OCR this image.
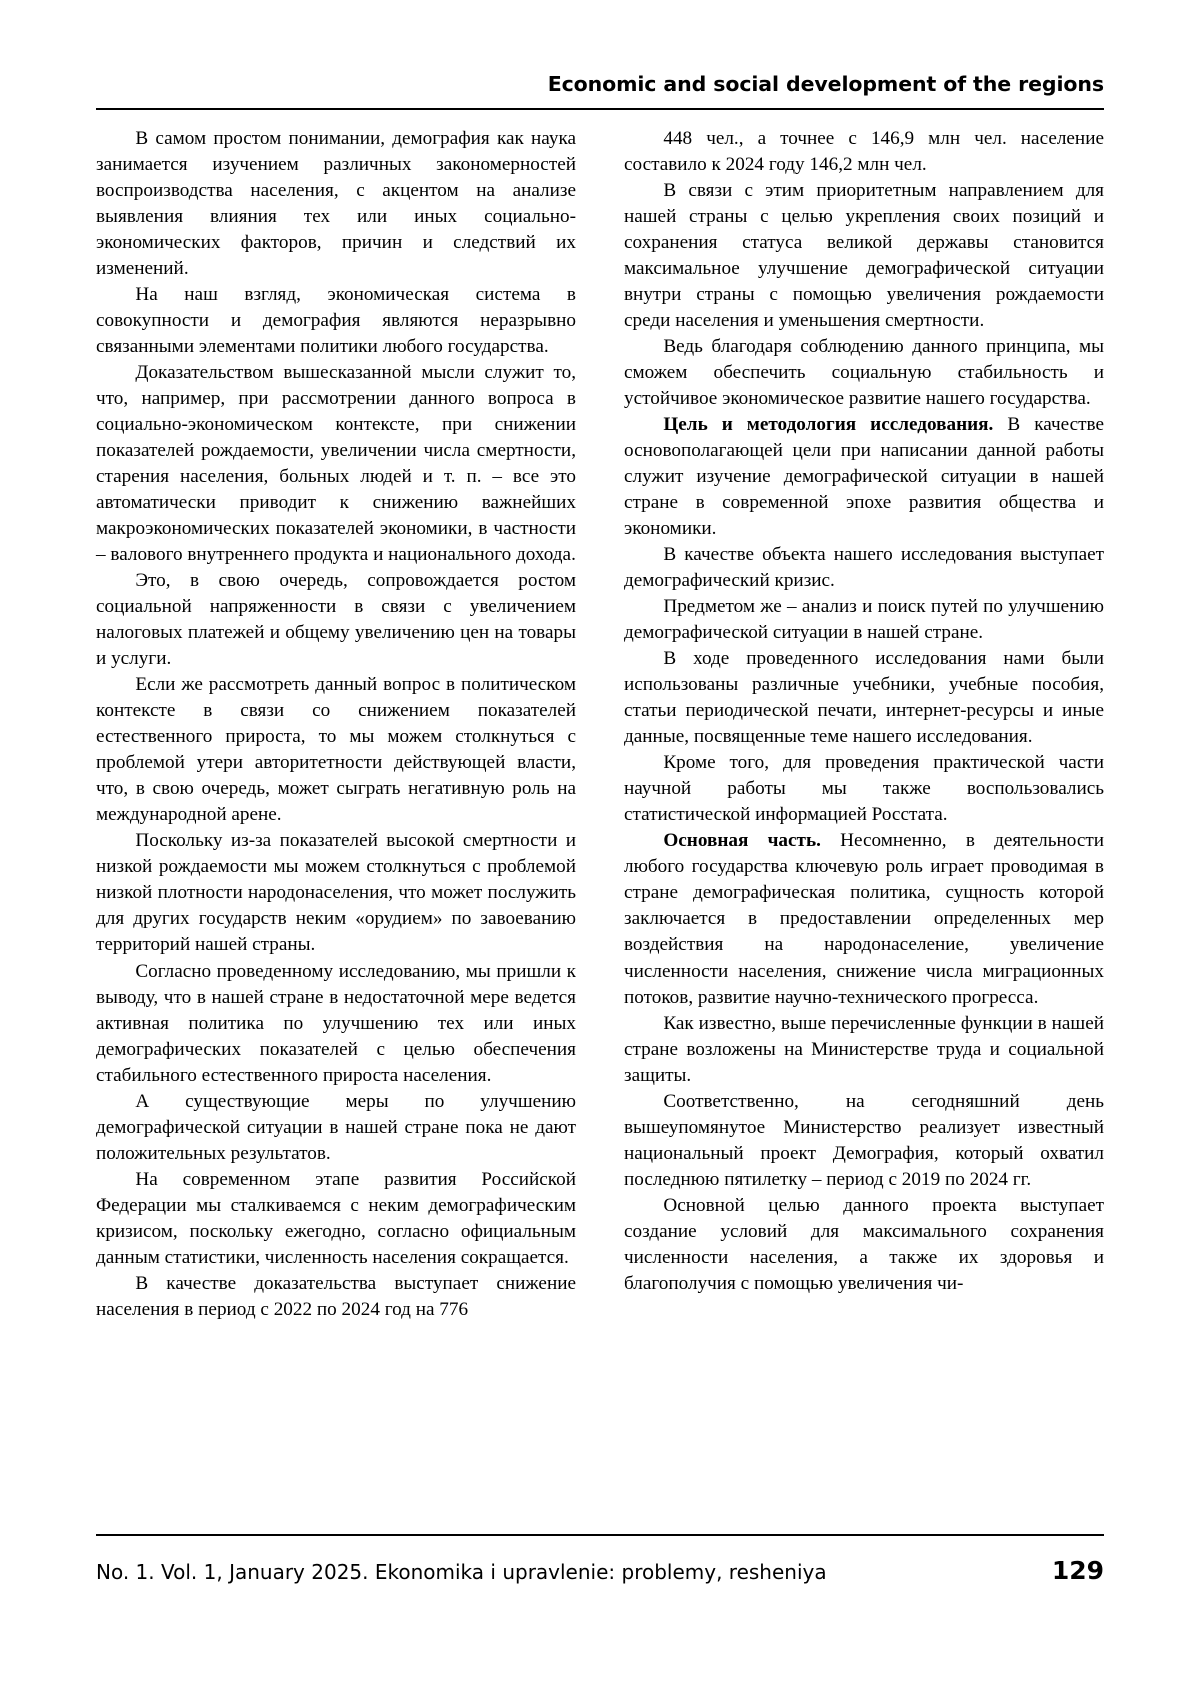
Economic and social development of the regions

В самом простом понимании, демография как наука занимается изучением различных закономерностей воспроизводства населения, с акцентом на анализе выявления влияния тех или иных социально-экономических факторов, причин и следствий их изменений.

На наш взгляд, экономическая система в совокупности и демография являются неразрывно связанными элементами политики любого государства.

Доказательством вышесказанной мысли служит то, что, например, при рассмотрении данного вопроса в социально-экономическом контексте, при снижении показателей рождаемости, увеличении числа смертности, старения населения, больных людей и т. п. – все это автоматически приводит к снижению важнейших макроэкономических показателей экономики, в частности – валового внутреннего продукта и национального дохода.

Это, в свою очередь, сопровождается ростом социальной напряженности в связи с увеличением налоговых платежей и общему увеличению цен на товары и услуги.

Если же рассмотреть данный вопрос в политическом контексте в связи со снижением показателей естественного прироста, то мы можем столкнуться с проблемой утери авторитетности действующей власти, что, в свою очередь, может сыграть негативную роль на международной арене.

Поскольку из-за показателей высокой смертности и низкой рождаемости мы можем столкнуться с проблемой низкой плотности народонаселения, что может послужить для других государств неким «орудием» по завоеванию территорий нашей страны.

Согласно проведенному исследованию, мы пришли к выводу, что в нашей стране в недостаточной мере ведется активная политика по улучшению тех или иных демографических показателей с целью обеспечения стабильного естественного прироста населения.

А существующие меры по улучшению демографической ситуации в нашей стране пока не дают положительных результатов.

На современном этапе развития Российской Федерации мы сталкиваемся с неким демографическим кризисом, поскольку ежегодно, согласно официальным данным статистики, численность населения сокращается.

В качестве доказательства выступает снижение населения в период с 2022 по 2024 год на 776

448 чел., а точнее с 146,9 млн чел. население составило к 2024 году 146,2 млн чел.

В связи с этим приоритетным направлением для нашей страны с целью укрепления своих позиций и сохранения статуса великой державы становится максимальное улучшение демографической ситуации внутри страны с помощью увеличения рождаемости среди населения и уменьшения смертности.

Ведь благодаря соблюдению данного принципа, мы сможем обеспечить социальную стабильность и устойчивое экономическое развитие нашего государства.

Цель и методология исследования. В качестве основополагающей цели при написании данной работы служит изучение демографической ситуации в нашей стране в современной эпохе развития общества и экономики.

В качестве объекта нашего исследования выступает демографический кризис.

Предметом же – анализ и поиск путей по улучшению демографической ситуации в нашей стране.

В ходе проведенного исследования нами были использованы различные учебники, учебные пособия, статьи периодической печати, интернет-ресурсы и иные данные, посвященные теме нашего исследования.

Кроме того, для проведения практической части научной работы мы также воспользовались статистической информацией Росстата.

Основная часть. Несомненно, в деятельности любого государства ключевую роль играет проводимая в стране демографическая политика, сущность которой заключается в предоставлении определенных мер воздействия на народонаселение, увеличение численности населения, снижение числа миграционных потоков, развитие научно-технического прогресса.

Как известно, выше перечисленные функции в нашей стране возложены на Министерстве труда и социальной защиты.

Соответственно, на сегодняшний день вышеупомянутое Министерство реализует известный национальный проект Демография, который охватил последнюю пятилетку – период с 2019 по 2024 гг.

Основной целью данного проекта выступает создание условий для максимального сохранения численности населения, а также их здоровья и благополучия с помощью увеличения чи-

No. 1. Vol. 1, January 2025. Ekonomika i upravlenie: problemy, resheniya	129
